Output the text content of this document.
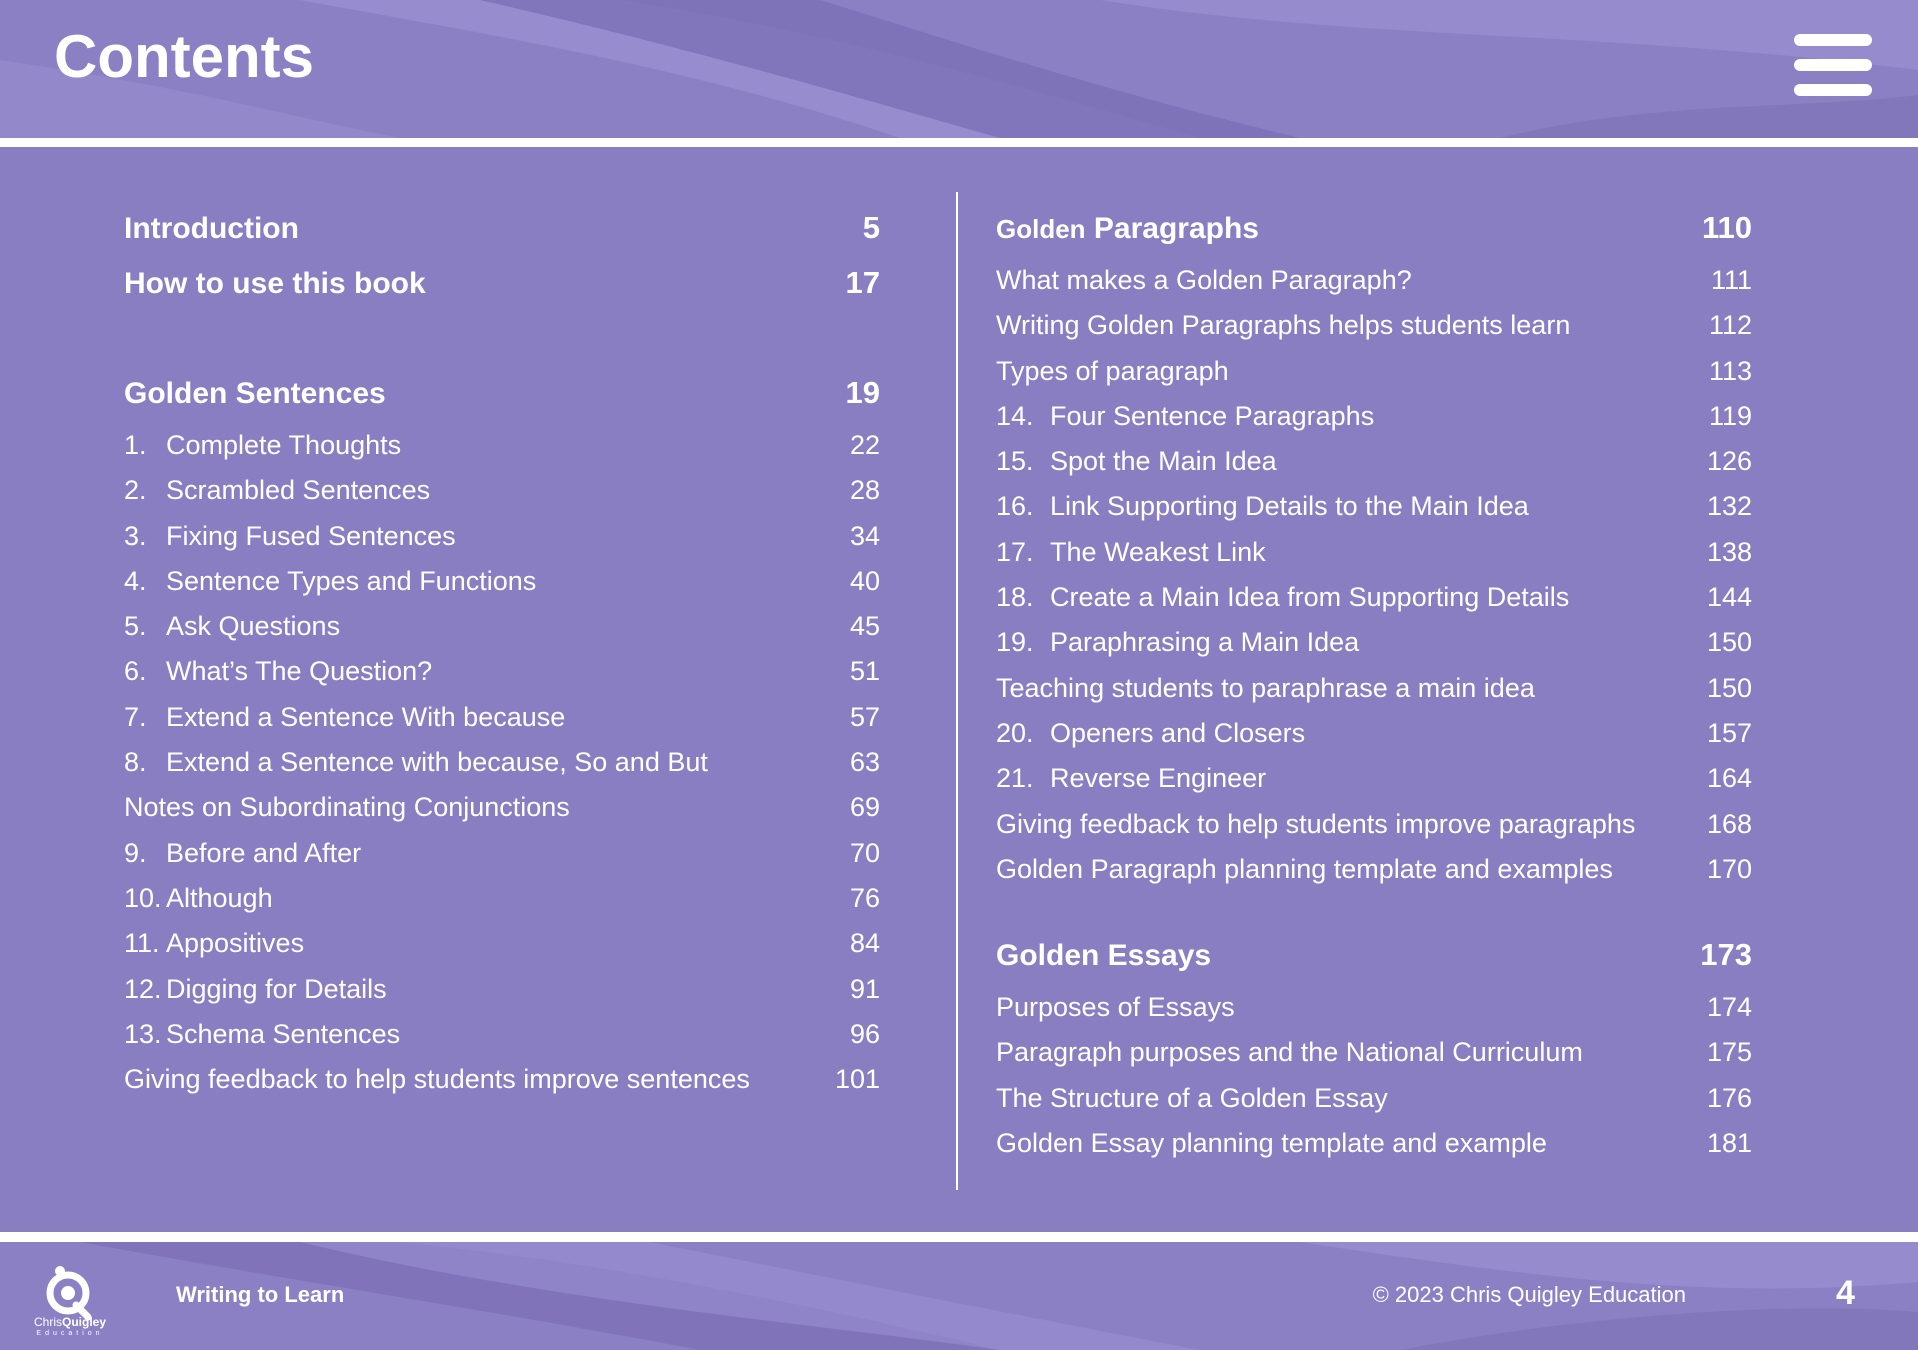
Contents
Introduction	5
How to use this book	17
Golden Sentences	19
1. Complete Thoughts	22
2. Scrambled Sentences	28
3. Fixing Fused Sentences	34
4. Sentence Types and Functions	40
5. Ask Questions	45
6. What’s The Question?	51
7. Extend a Sentence With because	57
8. Extend a Sentence with because, So and But	63
Notes on Subordinating Conjunctions	69
9. Before and After	70
10. Although	76
11. Appositives	84
12. Digging for Details	91
13. Schema Sentences	96
Giving feedback to help students improve sentences	101
Golden Paragraphs	110
What makes a Golden Paragraph?	111
Writing Golden Paragraphs helps students learn	112
Types of paragraph	113
14. Four Sentence Paragraphs	119
15. Spot the Main Idea	126
16. Link Supporting Details to the Main Idea	132
17. The Weakest Link	138
18. Create a Main Idea from Supporting Details	144
19. Paraphrasing a Main Idea	150
Teaching students to paraphrase a main idea	150
20. Openers and Closers	157
21. Reverse Engineer	164
Giving feedback to help students improve paragraphs	168
Golden Paragraph planning template and examples	170
Golden Essays	173
Purposes of Essays	174
Paragraph purposes and the National Curriculum	175
The Structure of a Golden Essay	176
Golden Essay planning template and example	181
ChrisQuigley
Education
Writing to Learn	© 2023 Chris Quigley Education	4
